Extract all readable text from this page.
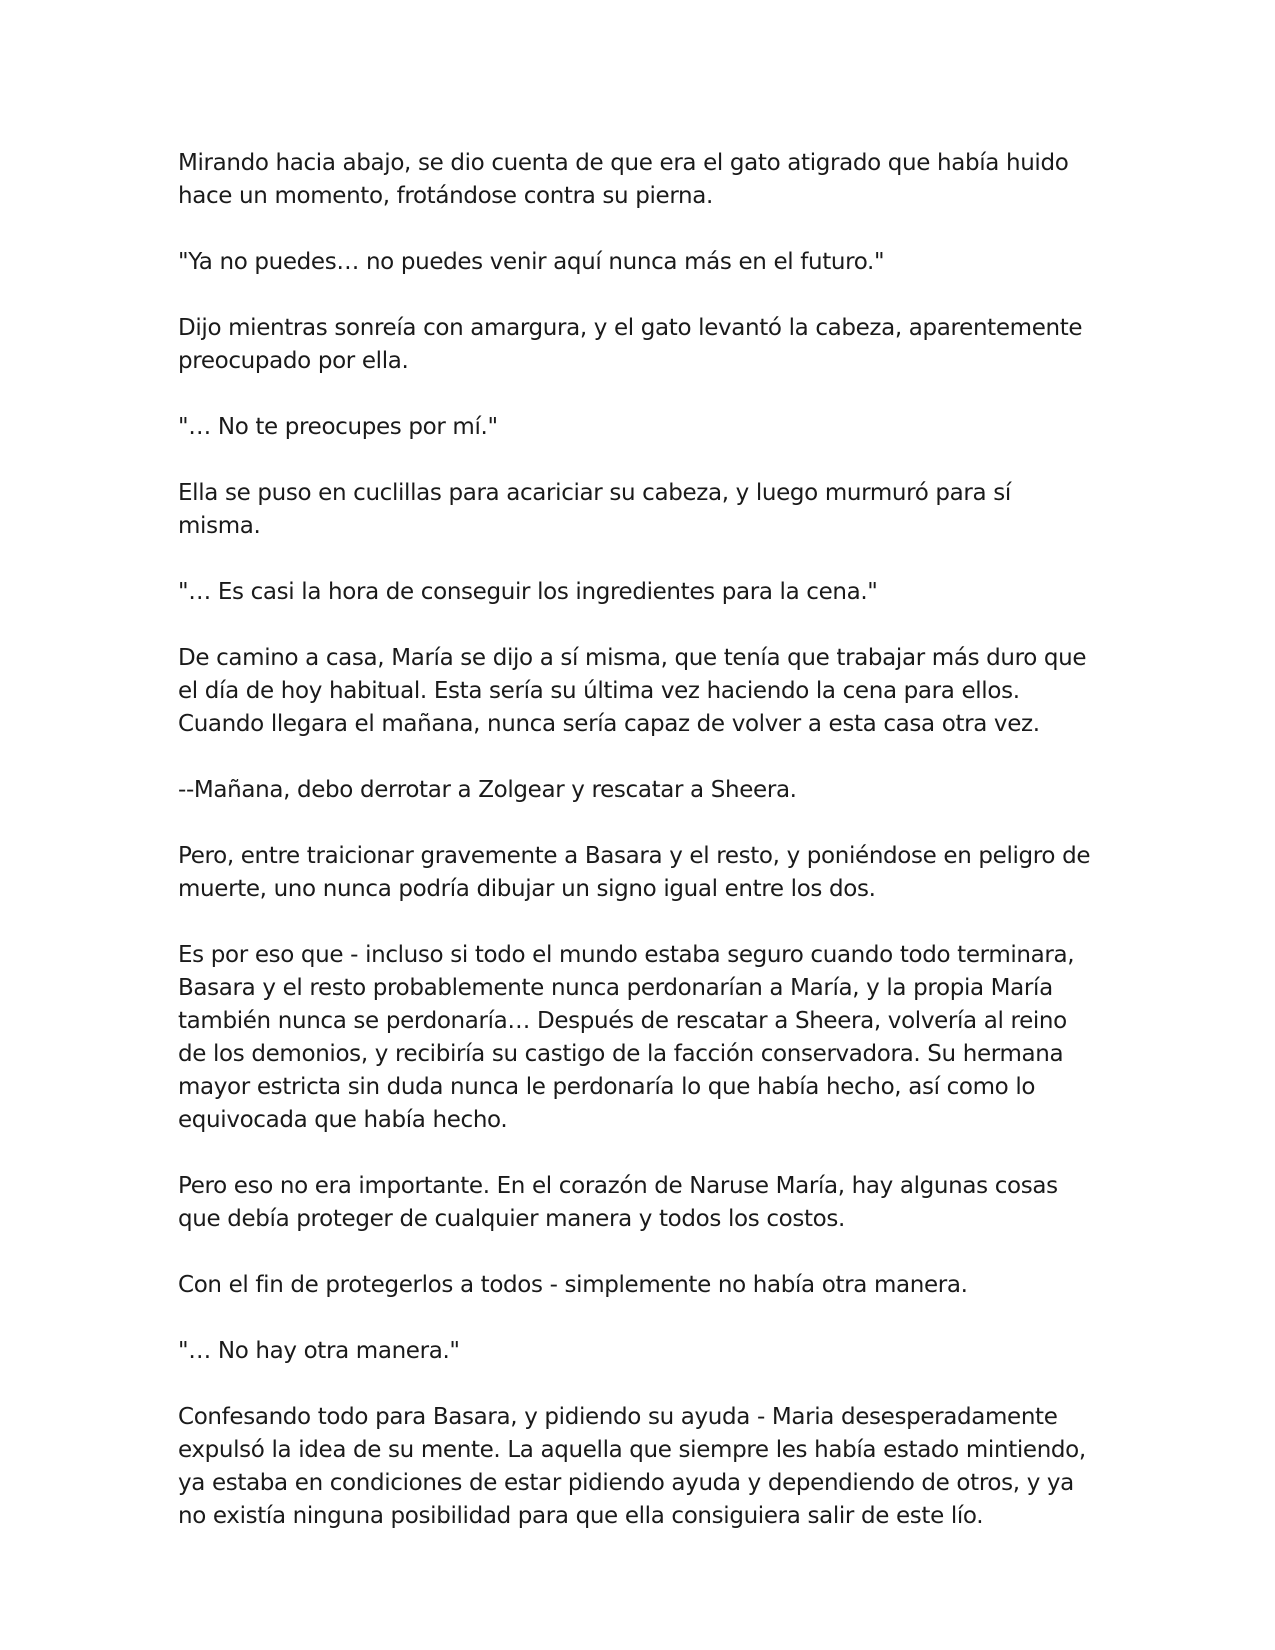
Mirando hacia abajo, se dio cuenta de que era el gato atigrado que había huido hace un momento, frotándose contra su pierna.

"Ya no puedes… no puedes venir aquí nunca más en el futuro."

Dijo mientras sonreía con amargura, y el gato levantó la cabeza, aparentemente preocupado por ella.

"… No te preocupes por mí."

Ella se puso en cuclillas para acariciar su cabeza, y luego murmuró para sí misma.

"… Es casi la hora de conseguir los ingredientes para la cena."

De camino a casa, María se dijo a sí misma, que tenía que trabajar más duro que el día de hoy habitual. Esta sería su última vez haciendo la cena para ellos. Cuando llegara el mañana, nunca sería capaz de volver a esta casa otra vez.

--Mañana, debo derrotar a Zolgear y rescatar a Sheera.

Pero, entre traicionar gravemente a Basara y el resto, y poniéndose en peligro de muerte, uno nunca podría dibujar un signo igual entre los dos.

Es por eso que - incluso si todo el mundo estaba seguro cuando todo terminara, Basara y el resto probablemente nunca perdonarían a María, y la propia María también nunca se perdonaría… Después de rescatar a Sheera, volvería al reino de los demonios, y recibiría su castigo de la facción conservadora. Su hermana mayor estricta sin duda nunca le perdonaría lo que había hecho, así como lo equivocada que había hecho.

Pero eso no era importante. En el corazón de Naruse María, hay algunas cosas que debía proteger de cualquier manera y todos los costos.

Con el fin de protegerlos a todos - simplemente no había otra manera.

"… No hay otra manera."

Confesando todo para Basara, y pidiendo su ayuda - Maria desesperadamente expulsó la idea de su mente. La aquella que siempre les había estado mintiendo, ya estaba en condiciones de estar pidiendo ayuda y dependiendo de otros, y ya no existía ninguna posibilidad para que ella consiguiera salir de este lío.
